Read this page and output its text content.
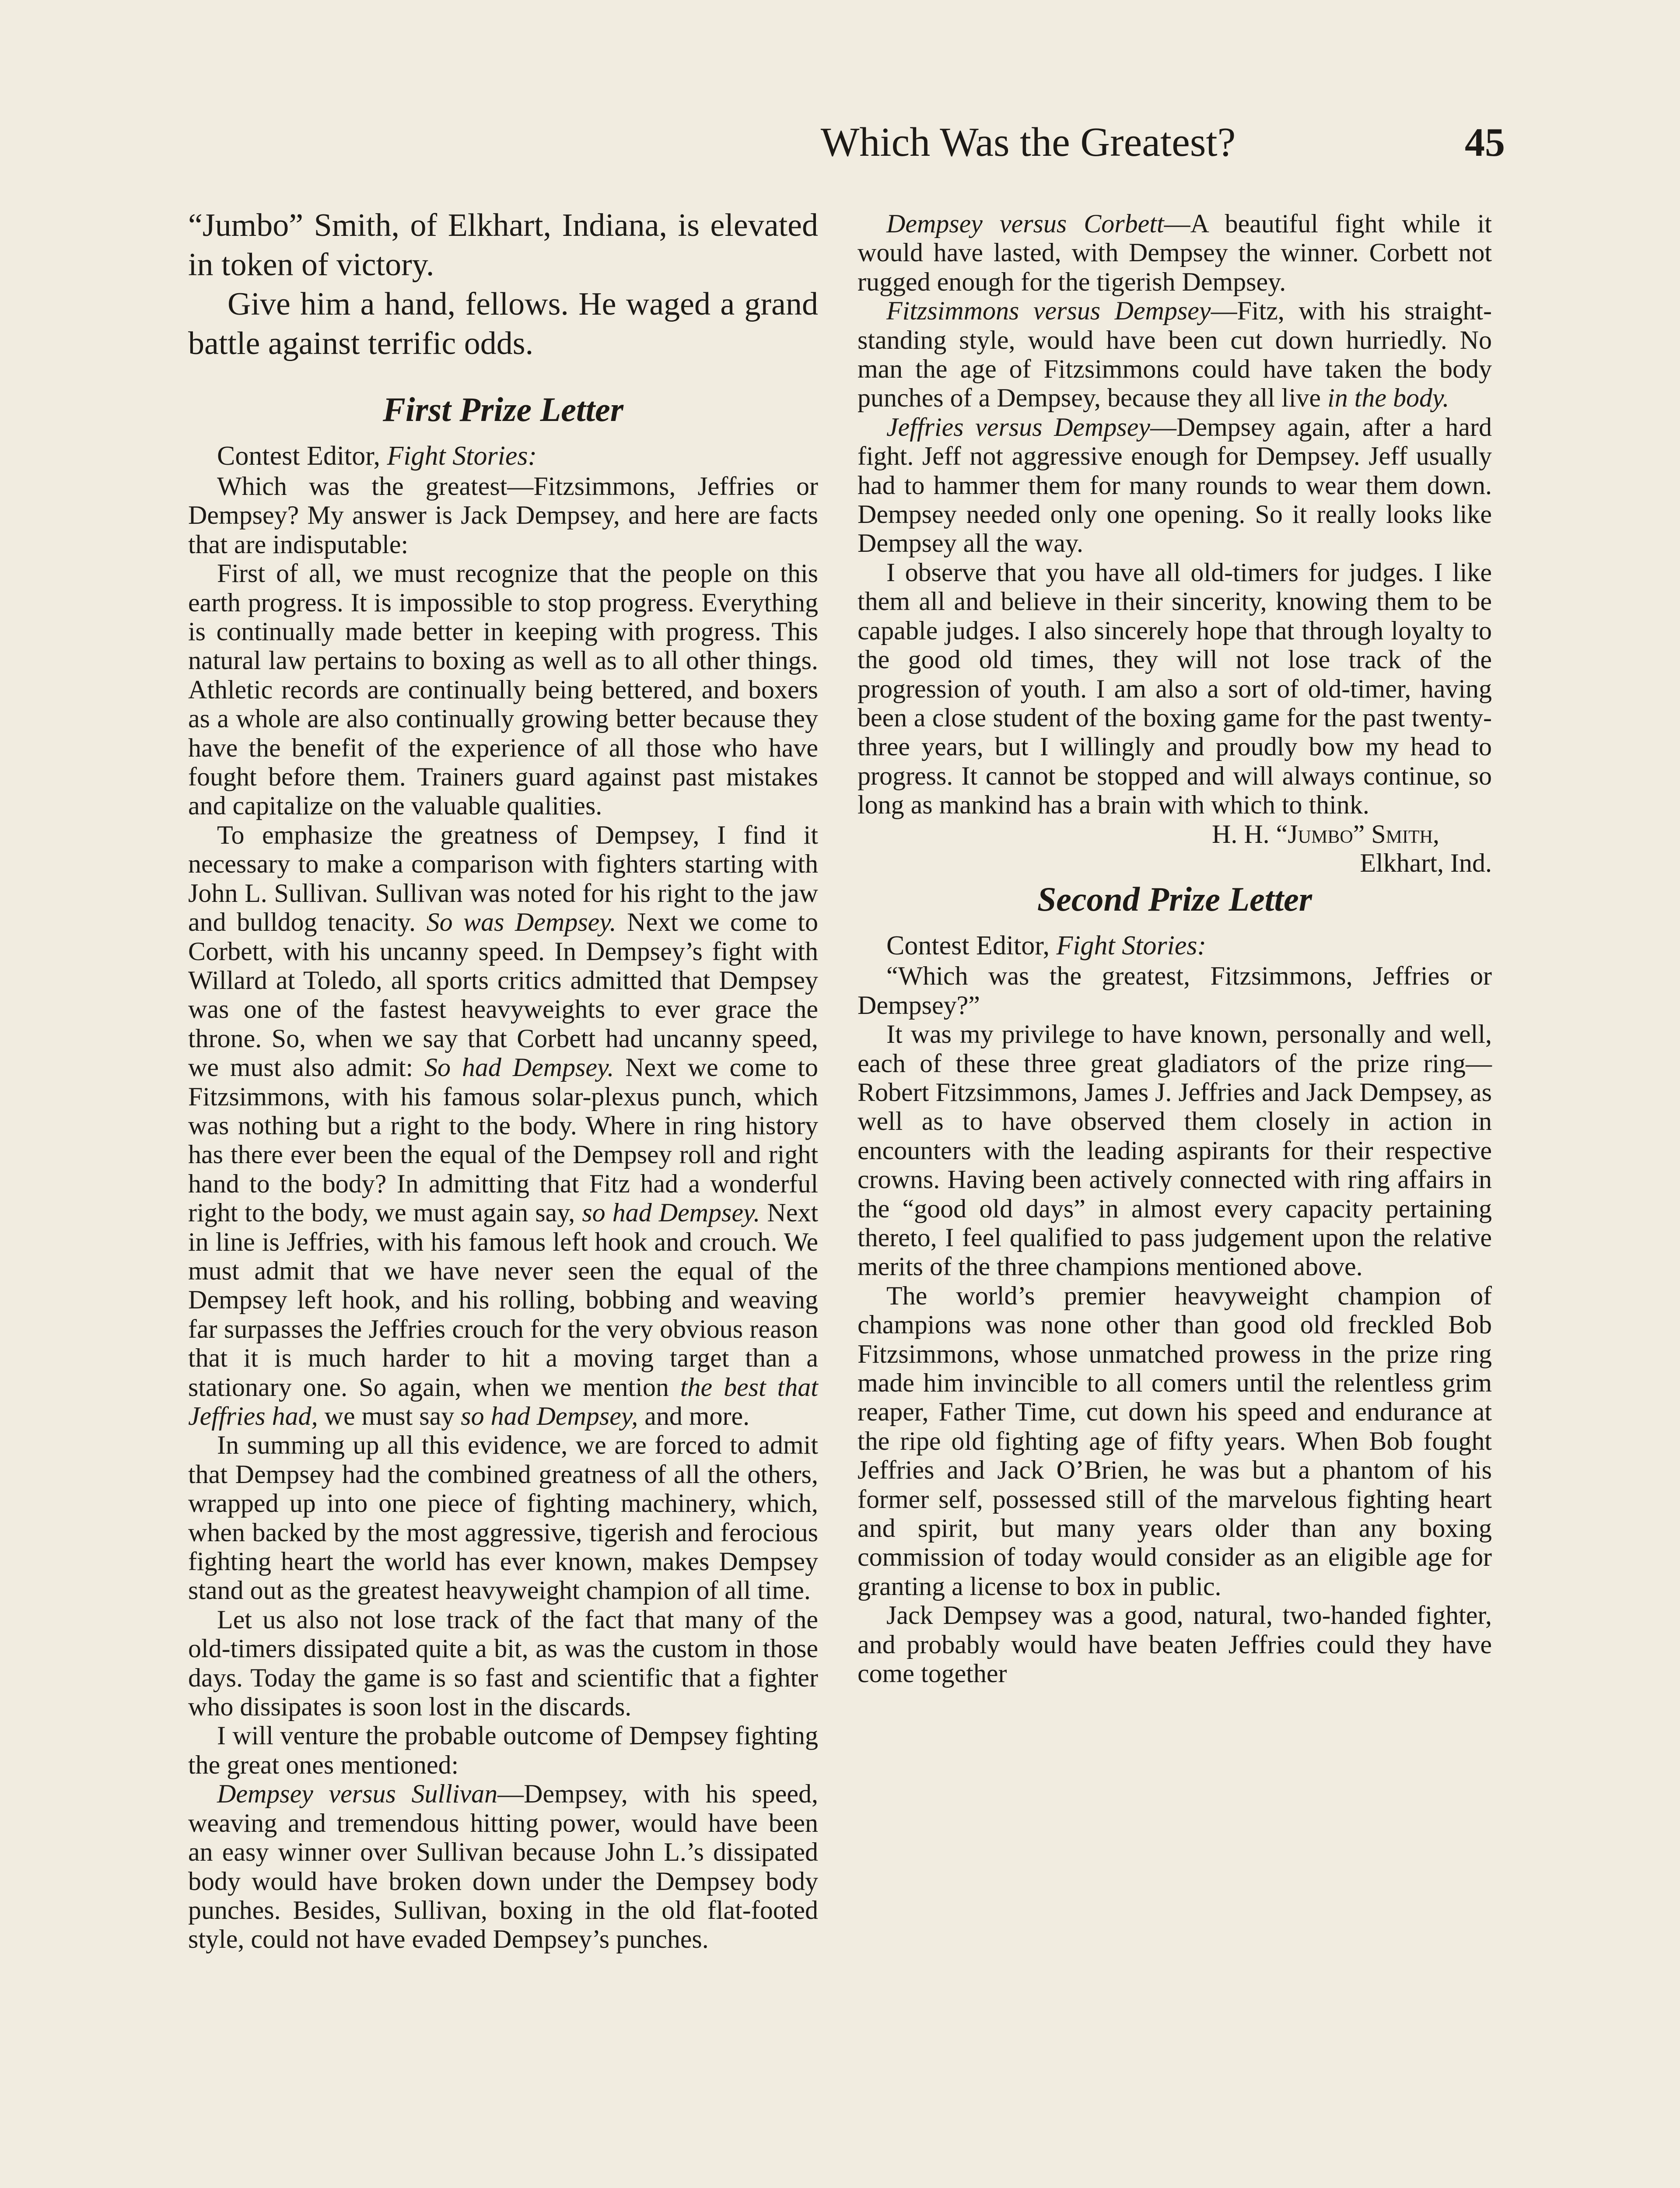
Which Was the Greatest?	45

“Jumbo” Smith, of Elkhart, Indiana, is elevated in token of victory.

Give him a hand, fellows. He waged a grand battle against terrific odds.

First Prize Letter

Contest Editor, Fight Stories:

Which was the greatest—Fitzsimmons, Jeffries or Dempsey? My answer is Jack Dempsey, and here are facts that are indisputable:

First of all, we must recognize that the people on this earth progress. It is impossible to stop progress. Everything is continually made better in keeping with progress. This natural law pertains to boxing as well as to all other things. Athletic records are continually being bettered, and boxers as a whole are also continually growing better because they have the benefit of the experience of all those who have fought before them. Trainers guard against past mistakes and capitalize on the valuable qualities.

To emphasize the greatness of Dempsey, I find it necessary to make a comparison with fighters starting with John L. Sullivan. Sullivan was noted for his right to the jaw and bulldog tenacity. So was Dempsey. Next we come to Corbett, with his uncanny speed. In Dempsey’s fight with Willard at Toledo, all sports critics admitted that Dempsey was one of the fastest heavyweights to ever grace the throne. So, when we say that Corbett had uncanny speed, we must also admit: So had Dempsey. Next we come to Fitzsimmons, with his famous solar-plexus punch, which was nothing but a right to the body. Where in ring history has there ever been the equal of the Dempsey roll and right hand to the body? In admitting that Fitz had a wonderful right to the body, we must again say, so had Dempsey. Next in line is Jeffries, with his famous left hook and crouch. We must admit that we have never seen the equal of the Dempsey left hook, and his rolling, bobbing and weaving far surpasses the Jeffries crouch for the very obvious reason that it is much harder to hit a moving target than a stationary one. So again, when we mention the best that Jeffries had, we must say so had Dempsey, and more.

In summing up all this evidence, we are forced to admit that Dempsey had the combined greatness of all the others, wrapped up into one piece of fighting machinery, which, when backed by the most aggressive, tigerish and ferocious fighting heart the world has ever known, makes Dempsey stand out as the greatest heavyweight champion of all time.

Let us also not lose track of the fact that many of the old-timers dissipated quite a bit, as was the custom in those days. Today the game is so fast and scientific that a fighter who dissipates is soon lost in the discards.

I will venture the probable outcome of Dempsey fighting the great ones mentioned:

Dempsey versus Sullivan—Dempsey, with his speed, weaving and tremendous hitting power, would have been an easy winner over Sullivan because John L.’s dissipated body would have broken down under the Dempsey body punches. Besides, Sullivan, boxing in the old flat-footed style, could not have evaded Dempsey’s punches.

Dempsey versus Corbett—A beautiful fight while it would have lasted, with Dempsey the winner. Corbett not rugged enough for the tigerish Dempsey.

Fitzsimmons versus Dempsey—Fitz, with his straight-standing style, would have been cut down hurriedly. No man the age of Fitzsimmons could have taken the body punches of a Dempsey, because they all live in the body.

Jeffries versus Dempsey—Dempsey again, after a hard fight. Jeff not aggressive enough for Dempsey. Jeff usually had to hammer them for many rounds to wear them down. Dempsey needed only one opening. So it really looks like Dempsey all the way.

I observe that you have all old-timers for judges. I like them all and believe in their sincerity, knowing them to be capable judges. I also sincerely hope that through loyalty to the good old times, they will not lose track of the progression of youth. I am also a sort of old-timer, having been a close student of the boxing game for the past twenty-three years, but I willingly and proudly bow my head to progress. It cannot be stopped and will always continue, so long as mankind has a brain with which to think.

H. H. “Jumbo” Smith,

Elkhart, Ind.

Second Prize Letter

Contest Editor, Fight Stories:

“Which was the greatest, Fitzsimmons, Jeffries or Dempsey?”

It was my privilege to have known, personally and well, each of these three great gladiators of the prize ring—Robert Fitzsimmons, James J. Jeffries and Jack Dempsey, as well as to have observed them closely in action in encounters with the leading aspirants for their respective crowns. Having been actively connected with ring affairs in the “good old days” in almost every capacity pertaining thereto, I feel qualified to pass judgement upon the relative merits of the three champions mentioned above.

The world’s premier heavyweight champion of champions was none other than good old freckled Bob Fitzsimmons, whose unmatched prowess in the prize ring made him invincible to all comers until the relentless grim reaper, Father Time, cut down his speed and endurance at the ripe old fighting age of fifty years. When Bob fought Jeffries and Jack O’Brien, he was but a phantom of his former self, possessed still of the marvelous fighting heart and spirit, but many years older than any boxing commission of today would consider as an eligible age for granting a license to box in public.

Jack Dempsey was a good, natural, two-handed fighter, and probably would have beaten Jeffries could they have come together
